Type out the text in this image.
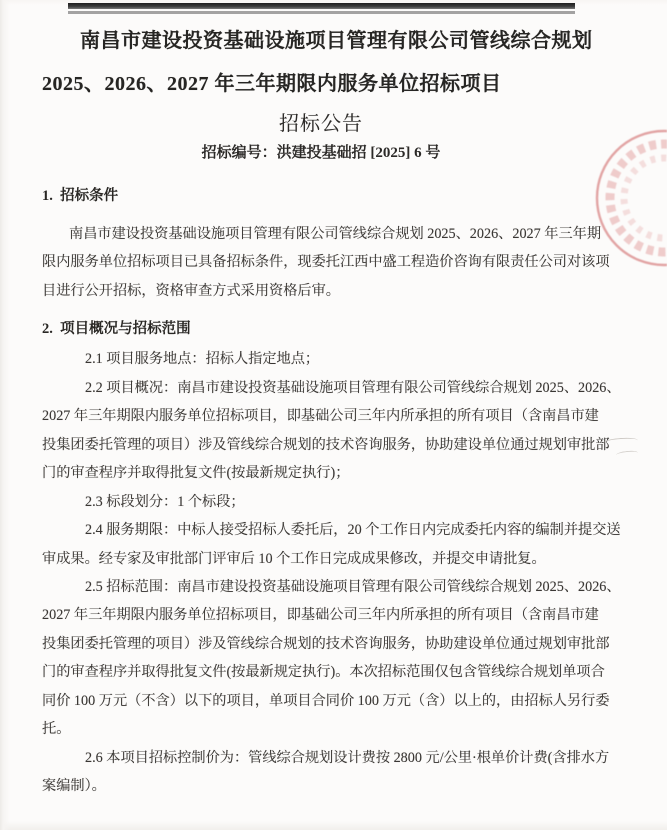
南昌市建设投资基础设施项目管理有限公司管线综合规划
2025、2026、2027 年三年期限内服务单位招标项目
招标公告
招标编号：洪建投基础招 [2025] 6 号
1.  招标条件
南昌市建设投资基础设施项目管理有限公司管线综合规划 2025、2026、2027 年三年期
限内服务单位招标项目已具备招标条件，现委托江西中盛工程造价咨询有限责任公司对该项
目进行公开招标，资格审查方式采用资格后审。
2.  项目概况与招标范围
2.1 项目服务地点：招标人指定地点；
2.2 项目概况：南昌市建设投资基础设施项目管理有限公司管线综合规划 2025、2026、
2027 年三年期限内服务单位招标项目，即基础公司三年内所承担的所有项目（含南昌市建
投集团委托管理的项目）涉及管线综合规划的技术咨询服务，协助建设单位通过规划审批部
门的审查程序并取得批复文件(按最新规定执行)；
2.3 标段划分：1 个标段；
2.4 服务期限：中标人接受招标人委托后，20 个工作日内完成委托内容的编制并提交送
审成果。经专家及审批部门评审后 10 个工作日完成成果修改，并提交申请批复。
2.5 招标范围：南昌市建设投资基础设施项目管理有限公司管线综合规划 2025、2026、
2027 年三年期限内服务单位招标项目，即基础公司三年内所承担的所有项目（含南昌市建
投集团委托管理的项目）涉及管线综合规划的技术咨询服务，协助建设单位通过规划审批部
门的审查程序并取得批复文件(按最新规定执行)。本次招标范围仅包含管线综合规划单项合
同价 100 万元（不含）以下的项目，单项目合同价 100 万元（含）以上的，由招标人另行委
托。
2.6 本项目招标控制价为：管线综合规划设计费按 2800 元/公里·根单价计费(含排水方
案编制）。
